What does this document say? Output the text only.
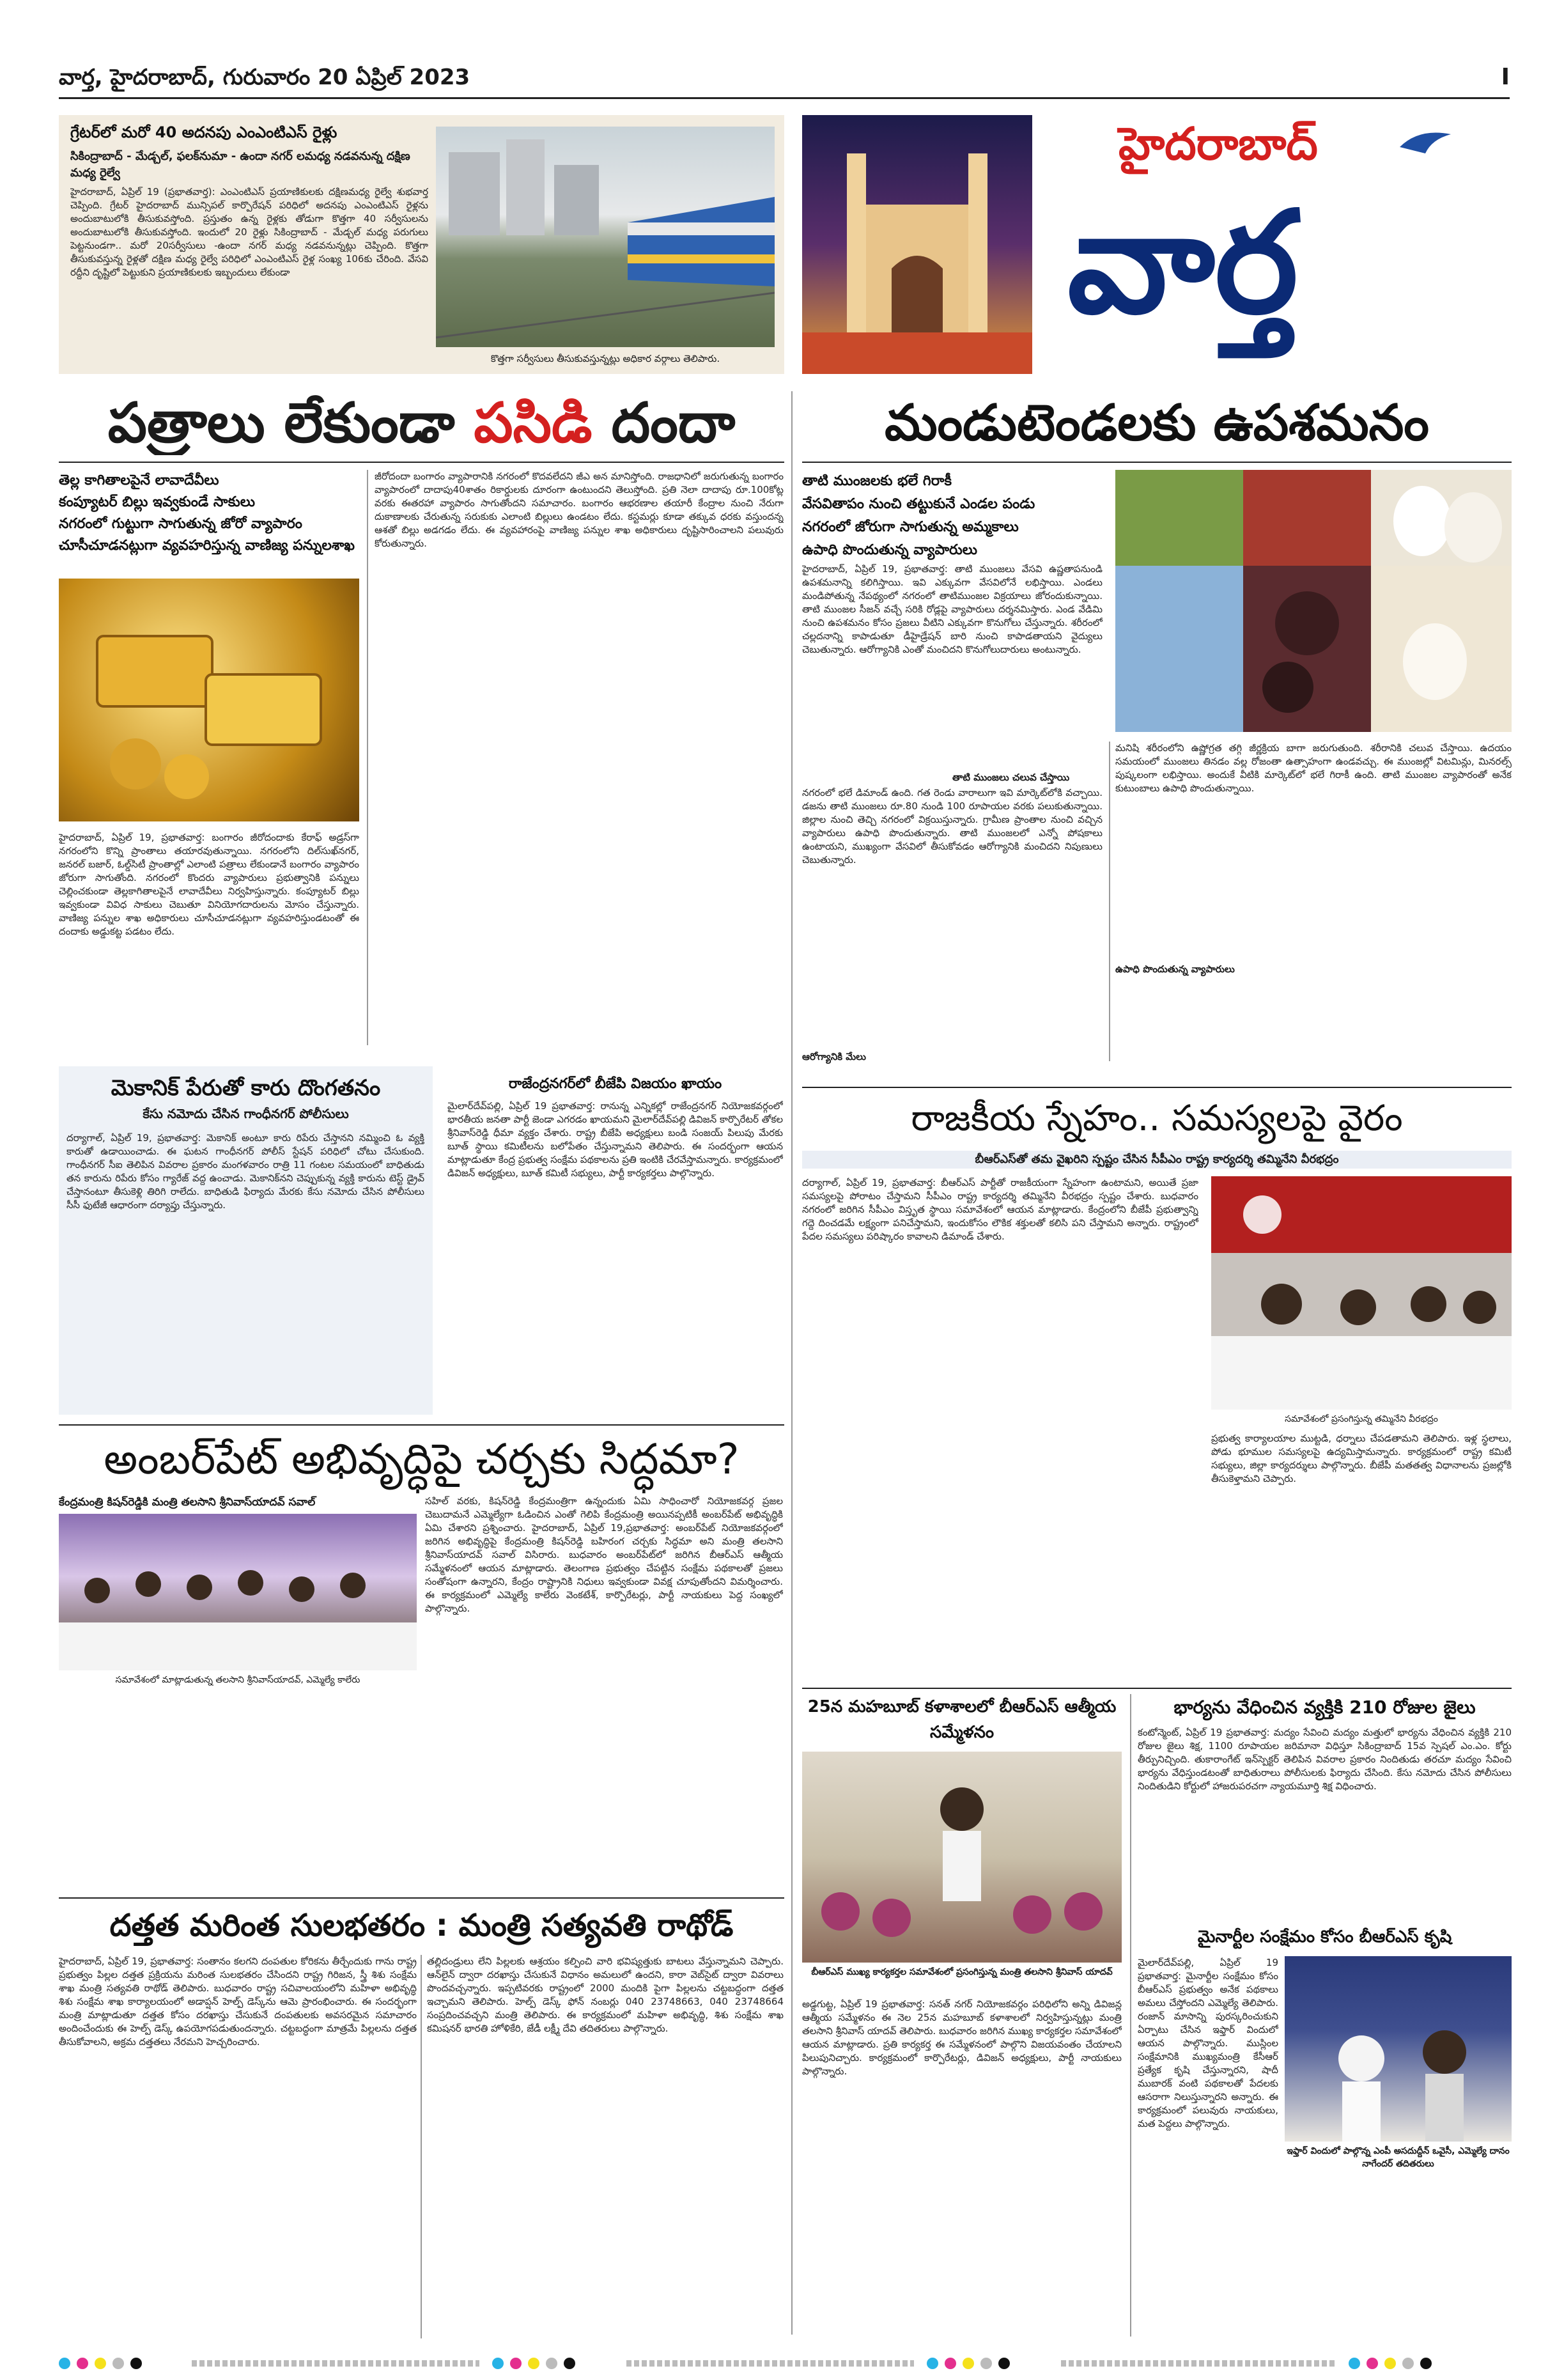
వార్త, హైదరాబాద్, గురువారం 20 ఏప్రిల్ 2023	I
గ్రేటర్‌లో మరో 40 అదనపు ఎంఎంటిఎస్ రైళ్లు
సికింద్రాబాద్ - మేడ్చల్, ఫలక్‌నుమా - ఉందా నగర్ లమధ్య నడవనున్న దక్షిణ మధ్య రైల్వే
హైదరాబాద్, ఏప్రిల్ 19 (ప్రభాతవార్త): ఎంఎంటిఎస్ ప్రయాణికులకు దక్షిణమధ్య రైల్వే శుభవార్త చెప్పింది. గ్రేటర్ హైదరాబాద్ మున్సిపల్ కార్పొరేషన్ పరిధిలో అదనపు ఎంఎంటిఎస్ రైళ్లను అందుబాటులోకి తీసుకువస్తోంది. ప్రస్తుతం ఉన్న రైళ్లకు తోడుగా కొత్తగా 40 సర్వీసులను అందుబాటులోకి తీసుకువస్తోంది. ఇందులో 20 రైళ్లు సికింద్రాబాద్ - మేడ్చల్ మధ్య పరుగులు పెట్టనుండగా.. మరో 20సర్వీసులు -ఉందా నగర్ మధ్య నడవనున్నట్లు చెప్పింది. కొత్తగా తీసుకువస్తున్న రైళ్లతో దక్షిణ మధ్య రైల్వే పరిధిలో ఎంఎంటిఎస్ రైళ్ల సంఖ్య 106కు చేరింది. వేసవి రద్దీని దృష్టిలో పెట్టుకుని ప్రయాణికులకు ఇబ్బందులు లేకుండా
కొత్తగా సర్వీసులు తీసుకువస్తున్నట్లు అధికార వర్గాలు తెలిపారు.
హైదరాబాద్
వార్త
పత్రాలు లేకుండా పసిడి దందా
తెల్ల కాగితాలపైనే లావాదేవీలు
కంప్యూటర్ బిల్లు ఇవ్వకుండే సాకులు
నగరంలో గుట్టుగా సాగుతున్న జోరో వ్యాపారం
చూసీచూడనట్లుగా వ్యవహరిస్తున్న వాణిజ్య పన్నులశాఖ
హైదరాబాద్, ఏప్రిల్ 19, ప్రభాతవార్త: బంగారం జీరోదందాకు కేరాఫ్ అడ్రస్‌గా నగరంలోని కొన్ని ప్రాంతాలు తయారవుతున్నాయి. నగరంలోని దిల్‌సుఖ్‌నగర్, జనరల్ బజార్, ఓల్డ్‌సిటీ ప్రాంతాల్లో ఎలాంటి పత్రాలు లేకుండానే బంగారం వ్యాపారం జోరుగా సాగుతోంది. నగరంలో కొందరు వ్యాపారులు ప్రభుత్వానికి పన్నులు చెల్లించకుండా తెల్లకాగితాలపైనే లావాదేవీలు నిర్వహిస్తున్నారు. కంప్యూటర్ బిల్లు ఇవ్వకుండా వివిధ సాకులు చెబుతూ వినియోగదారులను మోసం చేస్తున్నారు. వాణిజ్య పన్నుల శాఖ అధికారులు చూసీచూడనట్లుగా వ్యవహరిస్తుండటంతో ఈ దందాకు అడ్డుకట్ట పడటం లేదు.
జీరోదందా బంగారం వ్యాపారానికి నగరంలో కొదవలేదని జీఎ అన మానిస్తోంది. రాజధానిలో జరుగుతున్న బంగారం వ్యాపారంలో దాదాపు40శాతం రికార్డులకు దూరంగా ఉంటుందని తెలుస్తోంది. ప్రతి నెలా దాదాపు రూ.100కోట్ల వరకు ఈతరహా వ్యాపారం సాగుతోందని సమాచారం. బంగారం ఆభరణాల తయారీ కేంద్రాల నుంచి నేరుగా దుకాణాలకు చేరుతున్న సరుకుకు ఎలాంటి బిల్లులు ఉండటం లేదు. కస్టమర్లు కూడా తక్కువ ధరకు వస్తుందన్న ఆశతో బిల్లు అడగడం లేదు. ఈ వ్యవహారంపై వాణిజ్య పన్నుల శాఖ అధికారులు దృష్టిసారించాలని పలువురు కోరుతున్నారు.
మెకానిక్ పేరుతో కారు దొంగతనం
కేసు నమోదు చేసిన గాంధీనగర్ పోలీసులు
దర్యాగాల్, ఏప్రిల్ 19, ప్రభాతవార్త: మెకానిక్ అంటూ కారు రిపేరు చేస్తానని నమ్మించి ఓ వ్యక్తి కారుతో ఉడాయించాడు. ఈ ఘటన గాంధీనగర్ పోలీస్ స్టేషన్ పరిధిలో చోటు చేసుకుంది. గాంధీనగర్ సీఐ తెలిపిన వివరాల ప్రకారం మంగళవారం రాత్రి 11 గంటల సమయంలో బాధితుడు తన కారును రిపేరు కోసం గ్యారేజ్ వద్ద ఉంచాడు. మెకానిక్‌నని చెప్పుకున్న వ్యక్తి కారును టెస్ట్ డ్రైవ్ చేస్తానంటూ తీసుకెళ్లి తిరిగి రాలేదు. బాధితుడి ఫిర్యాదు మేరకు కేసు నమోదు చేసిన పోలీసులు సీసీ ఫుటేజీ ఆధారంగా దర్యాప్తు చేస్తున్నారు.
రాజేంద్రనగర్‌లో బీజేపి విజయం ఖాయం
మైలార్‌దేవ్‌పల్లి, ఏప్రిల్ 19 ప్రభాతవార్త: రానున్న ఎన్నికల్లో రాజేంద్రనగర్ నియోజకవర్గంలో భారతీయ జనతా పార్టీ జెండా ఎగరడం ఖాయమని మైలార్‌దేవ్‌పల్లి డివిజన్ కార్పొరేటర్ తోకల శ్రీనివాస్‌రెడ్డి ధీమా వ్యక్తం చేశారు. రాష్ట్ర బీజేపి అధ్యక్షులు బండి సంజయ్ పిలుపు మేరకు బూత్ స్థాయి కమిటీలను బలోపేతం చేస్తున్నామని తెలిపారు. ఈ సందర్భంగా ఆయన మాట్లాడుతూ కేంద్ర ప్రభుత్వ సంక్షేమ పథకాలను ప్రతి ఇంటికి చేరవేస్తామన్నారు. కార్యక్రమంలో డివిజన్ అధ్యక్షులు, బూత్ కమిటీ సభ్యులు, పార్టీ కార్యకర్తలు పాల్గొన్నారు.
అంబర్‌పేట్ అభివృద్ధిపై చర్చకు సిద్ధమా?
కేంద్రమంత్రి కిషన్‌రెడ్డికి మంత్రి తలసాని శ్రీనివాస్‌యాదవ్ సవాల్
సమావేశంలో మాట్లాడుతున్న తలసాని శ్రీనివాస్‌యాదవ్, ఎమ్మెల్యే కాలేరు
సహిల్ వరకు, కిషన్‌రెడ్డి కేంద్రమంత్రిగా ఉన్నందుకు ఏమి సాధించారో నియోజకవర్గ ప్రజల చెబుదామనే ఎమ్మెల్యేగా ఓడించిన ఎంతో గెలిపి కేంద్రమంత్రి అయినప్పటికీ అంబర్‌పేట్ అభివృద్ధికి ఏమి చేశారని ప్రశ్నించారు. హైదరాబాద్, ఏప్రిల్ 19,ప్రభాతవార్త: అంబర్‌పేట్ నియోజకవర్గంలో జరిగిన అభివృద్ధిపై కేంద్రమంత్రి కిషన్‌రెడ్డి బహిరంగ చర్చకు సిద్ధమా అని మంత్రి తలసాని శ్రీనివాస్‌యాదవ్ సవాల్ విసిరారు. బుధవారం అంబర్‌పేట్‌లో జరిగిన బీఆర్ఎస్ ఆత్మీయ సమ్మేళనంలో ఆయన మాట్లాడారు. తెలంగాణ ప్రభుత్వం చేపట్టిన సంక్షేమ పథకాలతో ప్రజలు సంతోషంగా ఉన్నారని, కేంద్రం రాష్ట్రానికి నిధులు ఇవ్వకుండా వివక్ష చూపుతోందని విమర్శించారు. ఈ కార్యక్రమంలో ఎమ్మెల్యే కాలేరు వెంకటేశ్, కార్పొరేటర్లు, పార్టీ నాయకులు పెద్ద సంఖ్యలో పాల్గొన్నారు.
దత్తత మరింత సులభతరం : మంత్రి సత్యవతి రాథోడ్
హైదరాబాద్, ఏప్రిల్ 19, ప్రభాతవార్త: సంతానం కలగని దంపతుల కోరికను తీర్చేందుకు గాను రాష్ట్ర ప్రభుత్వం పిల్లల దత్తత ప్రక్రియను మరింత సులభతరం చేసిందని రాష్ట్ర గిరిజన, స్త్రీ శిశు సంక్షేమ శాఖ మంత్రి సత్యవతి రాథోడ్ తెలిపారు. బుధవారం రాష్ట్ర సచివాలయంలోని మహిళా అభివృద్ధి శిశు సంక్షేమ శాఖ కార్యాలయంలో అడాప్షన్ హెల్ప్ డెస్క్‌ను ఆమె ప్రారంభించారు. ఈ సందర్భంగా మంత్రి మాట్లాడుతూ దత్తత కోసం దరఖాస్తు చేసుకునే దంపతులకు అవసరమైన సమాచారం అందించేందుకు ఈ హెల్ప్ డెస్క్ ఉపయోగపడుతుందన్నారు. చట్టబద్ధంగా మాత్రమే పిల్లలను దత్తత తీసుకోవాలని, అక్రమ దత్తతలు నేరమని హెచ్చరించారు.
తల్లిదండ్రులు లేని పిల్లలకు ఆశ్రయం కల్పించి వారి భవిష్యత్తుకు బాటలు వేస్తున్నామని చెప్పారు. ఆన్‌లైన్ ద్వారా దరఖాస్తు చేసుకునే విధానం అమలులో ఉందని, కారా వెబ్‌సైట్ ద్వారా వివరాలు పొందవచ్చన్నారు. ఇప్పటివరకు రాష్ట్రంలో 2000 మందికి పైగా పిల్లలను చట్టబద్ధంగా దత్తత ఇచ్చామని తెలిపారు. హెల్ప్ డెస్క్ ఫోన్ నంబర్లు 040 23748663, 040 23748664 సంప్రదించవచ్చని మంత్రి తెలిపారు. ఈ కార్యక్రమంలో మహిళా అభివృద్ధి, శిశు సంక్షేమ శాఖ కమిషనర్ భారతి హోళికేరి, జేడీ లక్ష్మీ దేవి తదితరులు పాల్గొన్నారు.
మండుటెండలకు ఉపశమనం
తాటి ముంజలకు భలే గిరాకీ
వేసవితాపం నుంచి తట్టుకునే ఎండల పండు
నగరంలో జోరుగా సాగుతున్న అమ్మకాలు
ఉపాధి పొందుతున్న వ్యాపారులు
హైదరాబాద్, ఏప్రిల్ 19, ప్రభాతవార్త: తాటి ముంజలు వేసవి ఉష్ణతాపనుండి ఉపశమనాన్ని కలిగిస్తాయి. ఇవి ఎక్కువగా వేసవిలోనే లభిస్తాయి. ఎండలు మండిపోతున్న నేపథ్యంలో నగరంలో తాటిముంజల విక్రయాలు జోరందుకున్నాయి. తాటి ముంజల సీజన్ వచ్చే సరికి రోడ్లపై వ్యాపారులు దర్శనమిస్తారు. ఎండ వేడిమి నుంచి ఉపశమనం కోసం ప్రజలు వీటిని ఎక్కువగా కొనుగోలు చేస్తున్నారు. శరీరంలో చల్లదనాన్ని కాపాడుతూ డీహైడ్రేషన్ బారి నుంచి కాపాడతాయని వైద్యులు చెబుతున్నారు. ఆరోగ్యానికి ఎంతో మంచిదని కొనుగోలుదారులు అంటున్నారు.
తాటి ముంజలు చలువ చేస్తాయి
నగరంలో భలే డిమాండ్ ఉంది. గత రెండు వారాలుగా ఇవి మార్కెట్‌లోకి వచ్చాయి. డజను తాటి ముంజలు రూ.80 నుండి 100 రూపాయల వరకు పలుకుతున్నాయి. జిల్లాల నుంచి తెచ్చి నగరంలో విక్రయిస్తున్నారు. గ్రామీణ ప్రాంతాల నుంచి వచ్చిన వ్యాపారులు ఉపాధి పొందుతున్నారు. తాటి ముంజలలో ఎన్నో పోషకాలు ఉంటాయని, ముఖ్యంగా వేసవిలో తీసుకోవడం ఆరోగ్యానికి మంచిదని నిపుణులు చెబుతున్నారు.
ఆరోగ్యానికి మేలు
మనిషి శరీరంలోని ఉష్ణోగ్రత తగ్గి జీర్ణక్రియ బాగా జరుగుతుంది. శరీరానికి చలువ చేస్తాయి. ఉదయం సమయంలో ముంజలు తినడం వల్ల రోజంతా ఉత్సాహంగా ఉండవచ్చు. ఈ ముంజల్లో విటమిన్లు, మినరల్స్ పుష్కలంగా లభిస్తాయి. అందుకే వీటికి మార్కెట్‌లో భలే గిరాకీ ఉంది. తాటి ముంజల వ్యాపారంతో అనేక కుటుంబాలు ఉపాధి పొందుతున్నాయి.
ఉపాధి పొందుతున్న వ్యాపారులు
రాజకీయ స్నేహం.. సమస్యలపై వైరం
బీఆర్ఎస్‌తో తమ వైఖరిని స్పష్టం చేసిన సీపీఎం రాష్ట్ర కార్యదర్శి తమ్మినేని వీరభద్రం
దర్యాగాల్, ఏప్రిల్ 19, ప్రభాతవార్త: బీఆర్ఎస్ పార్టీతో రాజకీయంగా స్నేహంగా ఉంటామని, అయితే ప్రజా సమస్యలపై పోరాటం చేస్తామని సీపీఎం రాష్ట్ర కార్యదర్శి తమ్మినేని వీరభద్రం స్పష్టం చేశారు. బుధవారం నగరంలో జరిగిన సీపీఎం విస్తృత స్థాయి సమావేశంలో ఆయన మాట్లాడారు. కేంద్రంలోని బీజేపీ ప్రభుత్వాన్ని గద్దె దించడమే లక్ష్యంగా పనిచేస్తామని, ఇందుకోసం లౌకిక శక్తులతో కలిసి పని చేస్తామని అన్నారు. రాష్ట్రంలో పేదల సమస్యలు పరిష్కారం కావాలని డిమాండ్ చేశారు.
సమావేశంలో ప్రసంగిస్తున్న తమ్మినేని వీరభద్రం
ప్రభుత్వ కార్యాలయాల ముట్టడి, ధర్నాలు చేపడతామని తెలిపారు. ఇళ్ల స్థలాలు, పోడు భూముల సమస్యలపై ఉద్యమిస్తామన్నారు. కార్యక్రమంలో రాష్ట్ర కమిటీ సభ్యులు, జిల్లా కార్యదర్శులు పాల్గొన్నారు. బీజేపీ మతతత్వ విధానాలను ప్రజల్లోకి తీసుకెళ్తామని చెప్పారు.
25న మహబూబ్ కళాశాలలో బీఆర్ఎస్ ఆత్మీయ సమ్మేళనం
బీఆర్ఎస్ ముఖ్య కార్యకర్తల సమావేశంలో ప్రసంగిస్తున్న మంత్రి తలసాని శ్రీనివాస్ యాదవ్
అడ్డగుట్ట, ఏప్రిల్ 19 ప్రభాతవార్త: సనత్ నగర్ నియోజకవర్గం పరిధిలోని అన్ని డివిజన్ల ఆత్మీయ సమ్మేళనం ఈ నెల 25న మహబూబ్ కళాశాలలో నిర్వహిస్తున్నట్లు మంత్రి తలసాని శ్రీనివాస్ యాదవ్ తెలిపారు. బుధవారం జరిగిన ముఖ్య కార్యకర్తల సమావేశంలో ఆయన మాట్లాడారు. ప్రతి కార్యకర్త ఈ సమ్మేళనంలో పాల్గొని విజయవంతం చేయాలని పిలుపునిచ్చారు. కార్యక్రమంలో కార్పొరేటర్లు, డివిజన్ అధ్యక్షులు, పార్టీ నాయకులు పాల్గొన్నారు.
భార్యను వేధించిన వ్యక్తికి 210 రోజుల జైలు
కంటోన్మెంట్, ఏప్రిల్ 19 ప్రభాతవార్త: మద్యం సేవించి మద్యం మత్తులో భార్యను వేధించిన వ్యక్తికి 210 రోజుల జైలు శిక్ష, 1100 రూపాయల జరిమానా విధిస్తూ సికింద్రాబాద్ 15వ స్పెషల్ ఎం.ఎం. కోర్టు తీర్పునిచ్చింది. తుకారాంగేట్ ఇన్‌స్పెక్టర్ తెలిపిన వివరాల ప్రకారం నిందితుడు తరచూ మద్యం సేవించి భార్యను వేధిస్తుండటంతో బాధితురాలు పోలీసులకు ఫిర్యాదు చేసింది. కేసు నమోదు చేసిన పోలీసులు నిందితుడిని కోర్టులో హాజరుపరచగా న్యాయమూర్తి శిక్ష విధించారు.
మైనార్టీల సంక్షేమం కోసం బీఆర్ఎస్ కృషి
ఇఫ్తార్ విందులో పాల్గొన్న ఎంపీ అసదుద్దీన్ ఒవైసీ, ఎమ్మెల్యే దానం నాగేందర్ తదితరులు
మైలార్‌దేవ్‌పల్లి, ఏప్రిల్ 19 ప్రభాతవార్త: మైనార్టీల సంక్షేమం కోసం బీఆర్ఎస్ ప్రభుత్వం అనేక పథకాలు అమలు చేస్తోందని ఎమ్మెల్యే తెలిపారు. రంజాన్ మాసాన్ని పురస్కరించుకుని ఏర్పాటు చేసిన ఇఫ్తార్ విందులో ఆయన పాల్గొన్నారు. ముస్లింల సంక్షేమానికి ముఖ్యమంత్రి కేసీఆర్ ప్రత్యేక కృషి చేస్తున్నారని, షాదీ ముబారక్ వంటి పథకాలతో పేదలకు ఆసరాగా నిలుస్తున్నారని అన్నారు. ఈ కార్యక్రమంలో పలువురు నాయకులు, మత పెద్దలు పాల్గొన్నారు.
